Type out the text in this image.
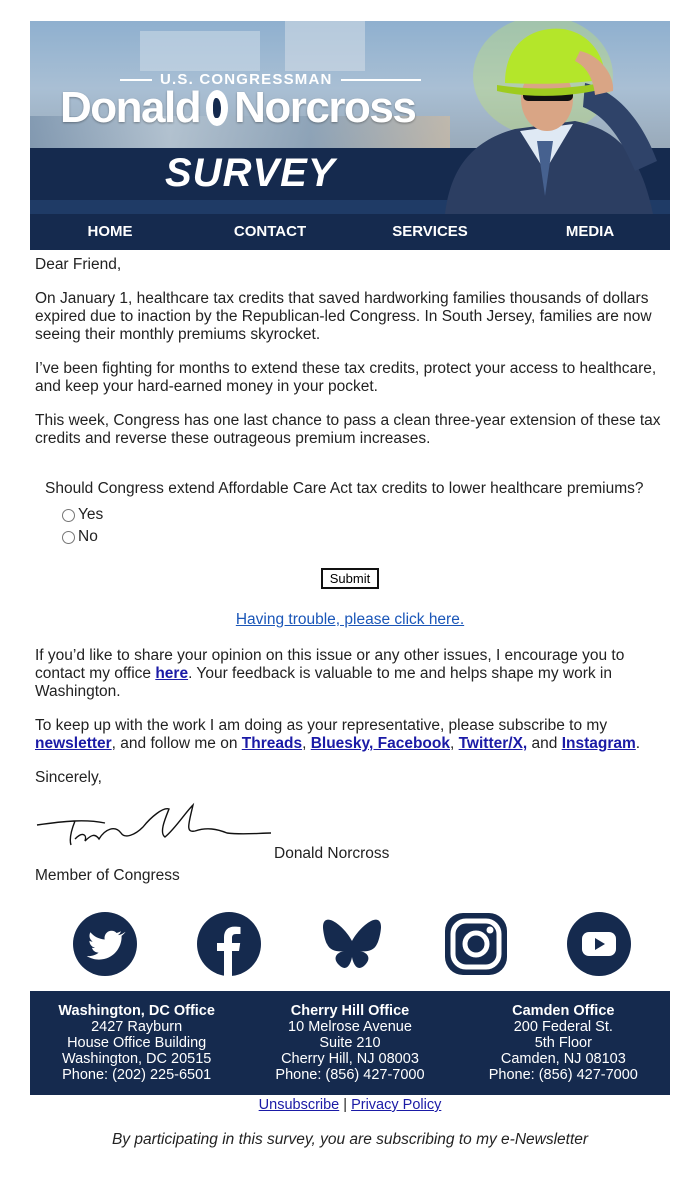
U.S. CONGRESSMAN
Donald Norcross
SURVEY
HOME	CONTACT	SERVICES	MEDIA

Dear Friend,

On January 1, healthcare tax credits that saved hardworking families thousands of dollars expired due to inaction by the Republican-led Congress. In South Jersey, families are now seeing their monthly premiums skyrocket.

I’ve been fighting for months to extend these tax credits, protect your access to healthcare, and keep your hard-earned money in your pocket.

This week, Congress has one last chance to pass a clean three-year extension of these tax credits and reverse these outrageous premium increases.

Should Congress extend Affordable Care Act tax credits to lower healthcare premiums?
Yes
No
Submit
Having trouble, please click here.

If you’d like to share your opinion on this issue or any other issues, I encourage you to contact my office here. Your feedback is valuable to me and helps shape my work in Washington.

To keep up with the work I am doing as your representative, please subscribe to my newsletter, and follow me on Threads, Bluesky, Facebook, Twitter/X, and Instagram.

Sincerely,

Donald Norcross

Member of Congress

Washington, DC Office
2427 Rayburn
House Office Building
Washington, DC 20515
Phone: (202) 225-6501
Cherry Hill Office
10 Melrose Avenue
Suite 210
Cherry Hill, NJ 08003
Phone: (856) 427-7000
Camden Office
200 Federal St.
5th Floor
Camden, NJ 08103
Phone: (856) 427-7000
Unsubscribe | Privacy Policy
By participating in this survey, you are subscribing to my e-Newsletter
